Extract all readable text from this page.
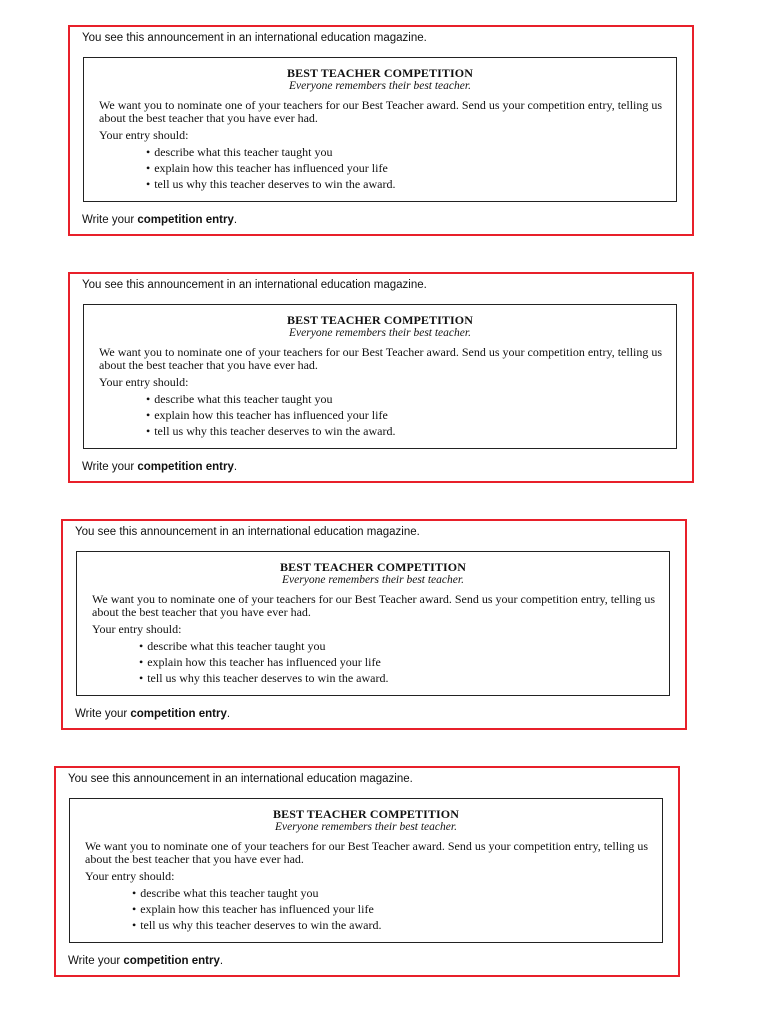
You see this announcement in an international education magazine.
BEST TEACHER COMPETITION
Everyone remembers their best teacher.
We want you to nominate one of your teachers for our Best Teacher award. Send us your competition entry, telling us about the best teacher that you have ever had.
Your entry should:
• describe what this teacher taught you
• explain how this teacher has influenced your life
• tell us why this teacher deserves to win the award.
Write your competition entry.
You see this announcement in an international education magazine.
BEST TEACHER COMPETITION
Everyone remembers their best teacher.
We want you to nominate one of your teachers for our Best Teacher award. Send us your competition entry, telling us about the best teacher that you have ever had.
Your entry should:
• describe what this teacher taught you
• explain how this teacher has influenced your life
• tell us why this teacher deserves to win the award.
Write your competition entry.
You see this announcement in an international education magazine.
BEST TEACHER COMPETITION
Everyone remembers their best teacher.
We want you to nominate one of your teachers for our Best Teacher award. Send us your competition entry, telling us about the best teacher that you have ever had.
Your entry should:
• describe what this teacher taught you
• explain how this teacher has influenced your life
• tell us why this teacher deserves to win the award.
Write your competition entry.
You see this announcement in an international education magazine.
BEST TEACHER COMPETITION
Everyone remembers their best teacher.
We want you to nominate one of your teachers for our Best Teacher award. Send us your competition entry, telling us about the best teacher that you have ever had.
Your entry should:
• describe what this teacher taught you
• explain how this teacher has influenced your life
• tell us why this teacher deserves to win the award.
Write your competition entry.
